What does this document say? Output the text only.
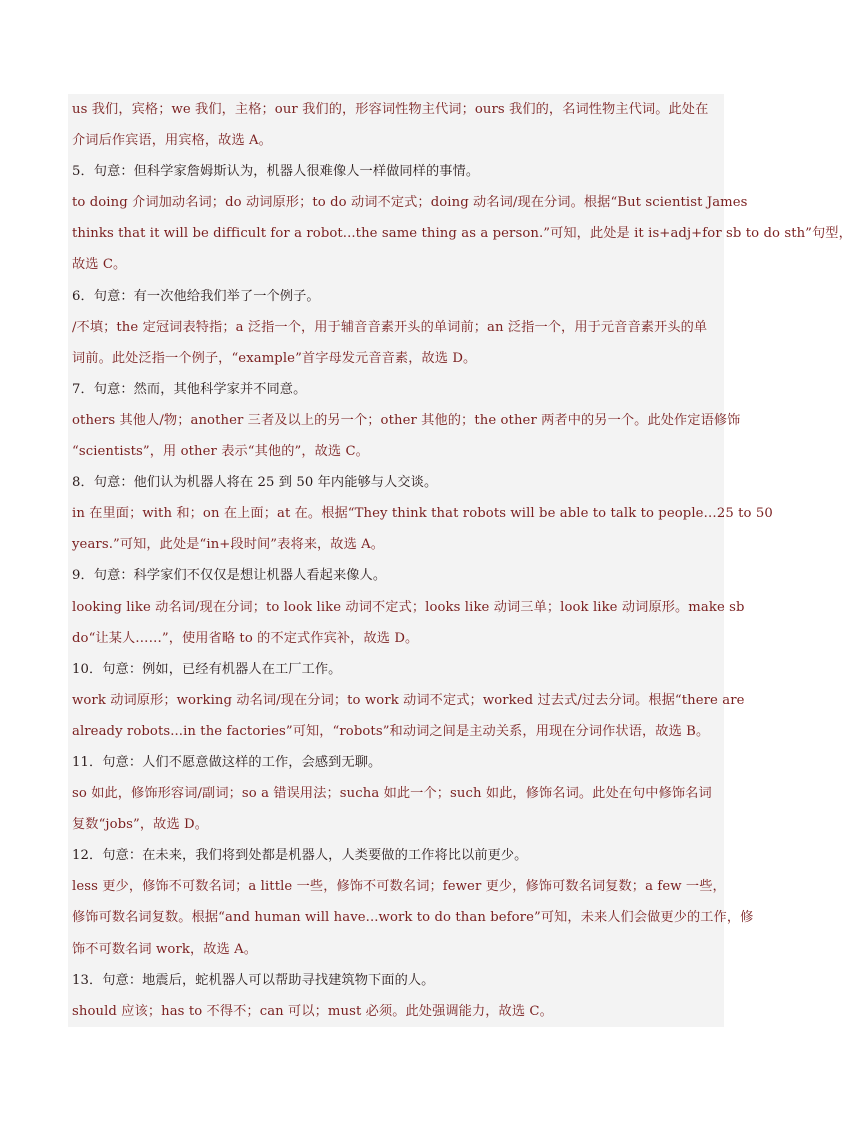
us 我们，宾格；we 我们，主格；our 我们的，形容词性物主代词；ours 我们的，名词性物主代词。此处在
介词后作宾语，用宾格，故选 A。
5．句意：但科学家詹姆斯认为，机器人很难像人一样做同样的事情。
to doing 介词加动名词；do 动词原形；to do 动词不定式；doing 动名词/现在分词。根据“But scientist James
thinks that it will be difficult for a robot...the same thing as a person.”可知，此处是 it is+adj+for sb to do sth”句型，
故选 C。
6．句意：有一次他给我们举了一个例子。
/不填；the 定冠词表特指；a 泛指一个，用于辅音音素开头的单词前；an 泛指一个，用于元音音素开头的单
词前。此处泛指一个例子，“example”首字母发元音音素，故选 D。
7．句意：然而，其他科学家并不同意。
others 其他人/物；another 三者及以上的另一个；other 其他的；the other 两者中的另一个。此处作定语修饰
“scientists”，用 other 表示“其他的”，故选 C。
8．句意：他们认为机器人将在 25 到 50 年内能够与人交谈。
in 在里面；with 和；on 在上面；at 在。根据“They think that robots will be able to talk to people…25 to 50
years.”可知，此处是“in+段时间”表将来，故选 A。
9．句意：科学家们不仅仅是想让机器人看起来像人。
looking like 动名词/现在分词；to look like 动词不定式；looks like 动词三单；look like 动词原形。make sb
do“让某人……”，使用省略 to 的不定式作宾补，故选 D。
10．句意：例如，已经有机器人在工厂工作。
work 动词原形；working 动名词/现在分词；to work 动词不定式；worked 过去式/过去分词。根据“there are
already robots...in the factories”可知，“robots”和动词之间是主动关系，用现在分词作状语，故选 B。
11．句意：人们不愿意做这样的工作，会感到无聊。
so 如此，修饰形容词/副词；so a 错误用法；sucha 如此一个；such 如此，修饰名词。此处在句中修饰名词
复数“jobs”，故选 D。
12．句意：在未来，我们将到处都是机器人，人类要做的工作将比以前更少。
less 更少，修饰不可数名词；a little 一些，修饰不可数名词；fewer 更少，修饰可数名词复数；a few 一些，
修饰可数名词复数。根据“and human will have...work to do than before”可知，未来人们会做更少的工作，修
饰不可数名词 work，故选 A。
13．句意：地震后，蛇机器人可以帮助寻找建筑物下面的人。
should 应该；has to 不得不；can 可以；must 必须。此处强调能力，故选 C。
